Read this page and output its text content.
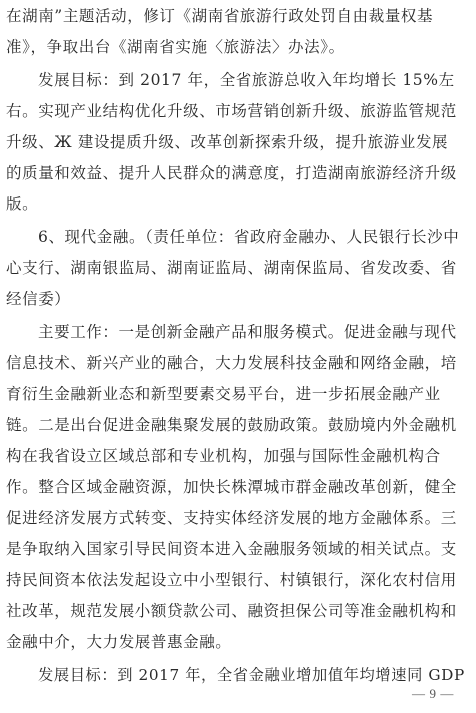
在湖南”主题活动，修订《湖南省旅游行政处罚自由裁量权基
准》，争取出台《湖南省实施〈旅游法〉办法》。
发展目标：到 2017 年，全省旅游总收入年均增长 15%左
右。实现产业结构优化升级、市场营销创新升级、旅游监管规范
升级、Ж 建设提质升级、改革创新探索升级，提升旅游业发展
的质量和效益、提升人民群众的满意度，打造湖南旅游经济升级
版。
6、现代金融。（责任单位：省政府金融办、人民银行长沙中
心支行、湖南银监局、湖南证监局、湖南保监局、省发改委、省
经信委）
主要工作：一是创新金融产品和服务模式。促进金融与现代
信息技术、新兴产业的融合，大力发展科技金融和网络金融，培
育衍生金融新业态和新型要素交易平台，进一步拓展金融产业
链。二是出台促进金融集聚发展的鼓励政策。鼓励境内外金融机
构在我省设立区域总部和专业机构，加强与国际性金融机构合
作。整合区域金融资源，加快长株潭城市群金融改革创新，健全
促进经济发展方式转变、支持实体经济发展的地方金融体系。三
是争取纳入国家引导民间资本进入金融服务领域的相关试点。支
持民间资本依法发起设立中小型银行、村镇银行，深化农村信用
社改革，规范发展小额贷款公司、融资担保公司等准金融机构和
金融中介，大力发展普惠金融。
发展目标：到 2017 年，全省金融业增加值年均增速同 GDP
— 9 —
